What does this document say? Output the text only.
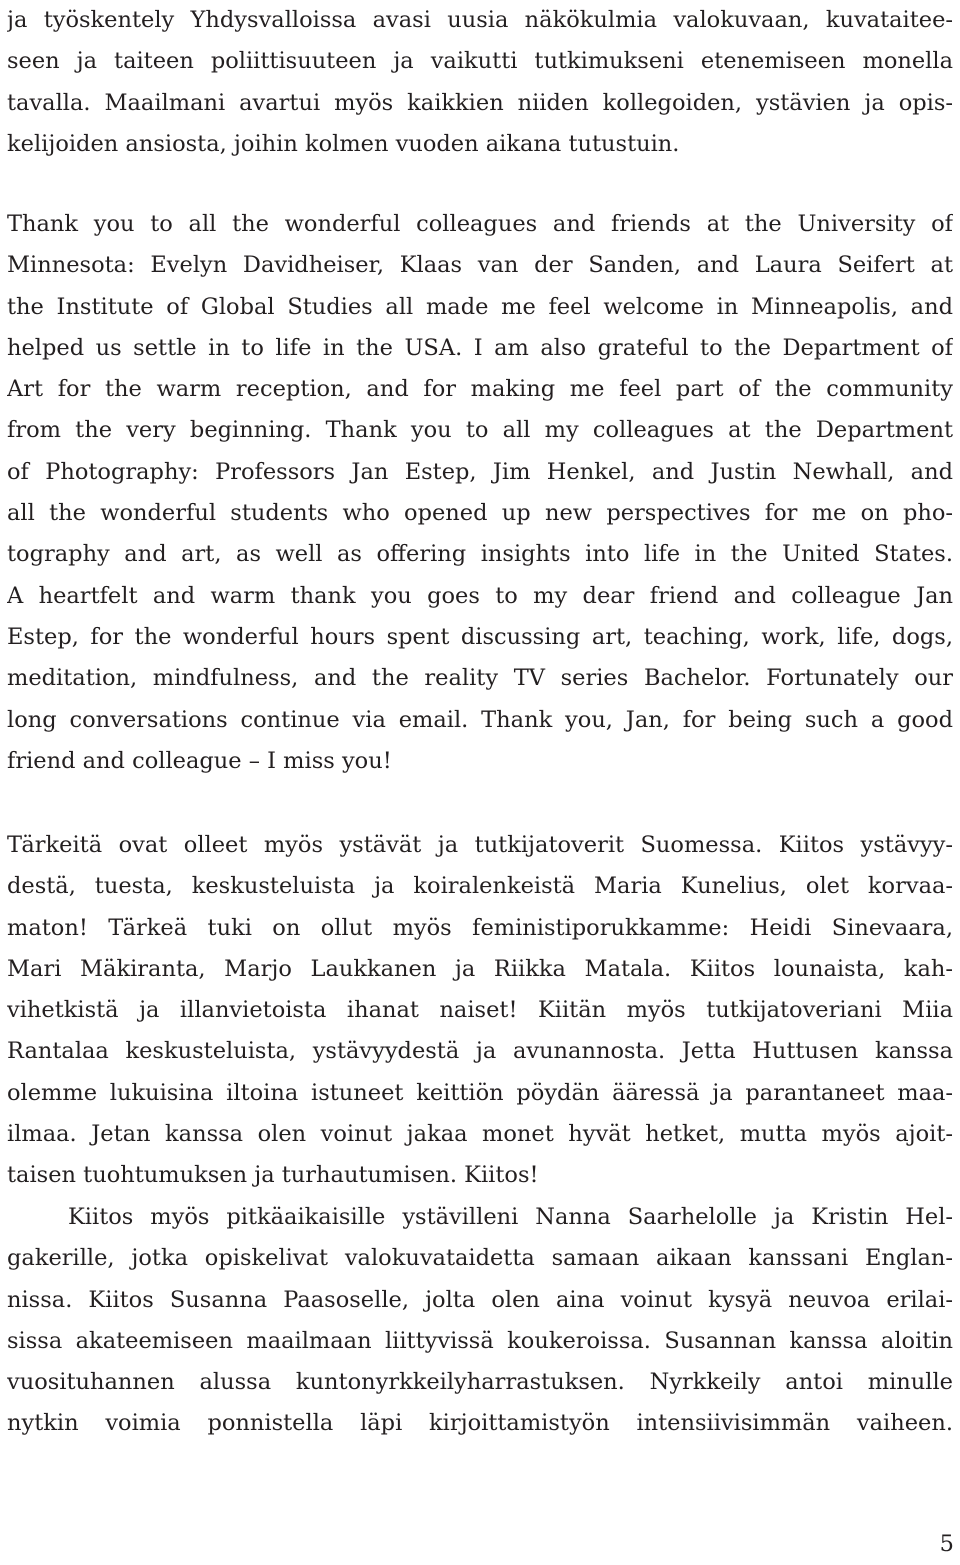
ja työskentely Yhdysvalloissa avasi uusia näkökulmia valokuvaan, kuvataitee-
seen ja taiteen poliittisuuteen ja vaikutti tutkimukseni etenemiseen monella
tavalla. Maailmani avartui myös kaikkien niiden kollegoiden, ystävien ja opis-
kelijoiden ansiosta, joihin kolmen vuoden aikana tutustuin.
Thank you to all the wonderful colleagues and friends at the University of
Minnesota: Evelyn Davidheiser, Klaas van der Sanden, and Laura Seifert at
the Institute of Global Studies all made me feel welcome in Minneapolis, and
helped us settle in to life in the USA. I am also grateful to the Department of
Art for the warm reception, and for making me feel part of the community
from the very beginning. Thank you to all my colleagues at the Department
of Photography: Professors Jan Estep, Jim Henkel, and Justin Newhall, and
all the wonderful students who opened up new perspectives for me on pho-
tography and art, as well as offering insights into life in the United States.
A heartfelt and warm thank you goes to my dear friend and colleague Jan
Estep, for the wonderful hours spent discussing art, teaching, work, life, dogs,
meditation, mindfulness, and the reality TV series Bachelor. Fortunately our
long conversations continue via email. Thank you, Jan, for being such a good
friend and colleague – I miss you!
Tärkeitä ovat olleet myös ystävät ja tutkijatoverit Suomessa. Kiitos ystävyy-
destä, tuesta, keskusteluista ja koiralenkeistä Maria Kunelius, olet korvaa-
maton! Tärkeä tuki on ollut myös feministiporukkamme: Heidi Sinevaara,
Mari Mäkiranta, Marjo Laukkanen ja Riikka Matala. Kiitos lounaista, kah-
vihetkistä ja illanvietoista ihanat naiset! Kiitän myös tutkijatoveriani Miia
Rantalaa keskusteluista, ystävyydestä ja avunannosta. Jetta Huttusen kanssa
olemme lukuisina iltoina istuneet keittiön pöydän ääressä ja parantaneet maa-
ilmaa. Jetan kanssa olen voinut jakaa monet hyvät hetket, mutta myös ajoit-
taisen tuohtumuksen ja turhautumisen. Kiitos!
Kiitos myös pitkäaikaisille ystävilleni Nanna Saarhelolle ja Kristin Hel-
gakerille, jotka opiskelivat valokuvataidetta samaan aikaan kanssani Englan-
nissa. Kiitos Susanna Paasoselle, jolta olen aina voinut kysyä neuvoa erilai-
sissa akateemiseen maailmaan liittyvissä koukeroissa. Susannan kanssa aloitin
vuosituhannen alussa kuntonyrkkeilyharrastuksen. Nyrkkeily antoi minulle
nytkin voimia ponnistella läpi kirjoittamistyön intensiivisimmän vaiheen.
5
